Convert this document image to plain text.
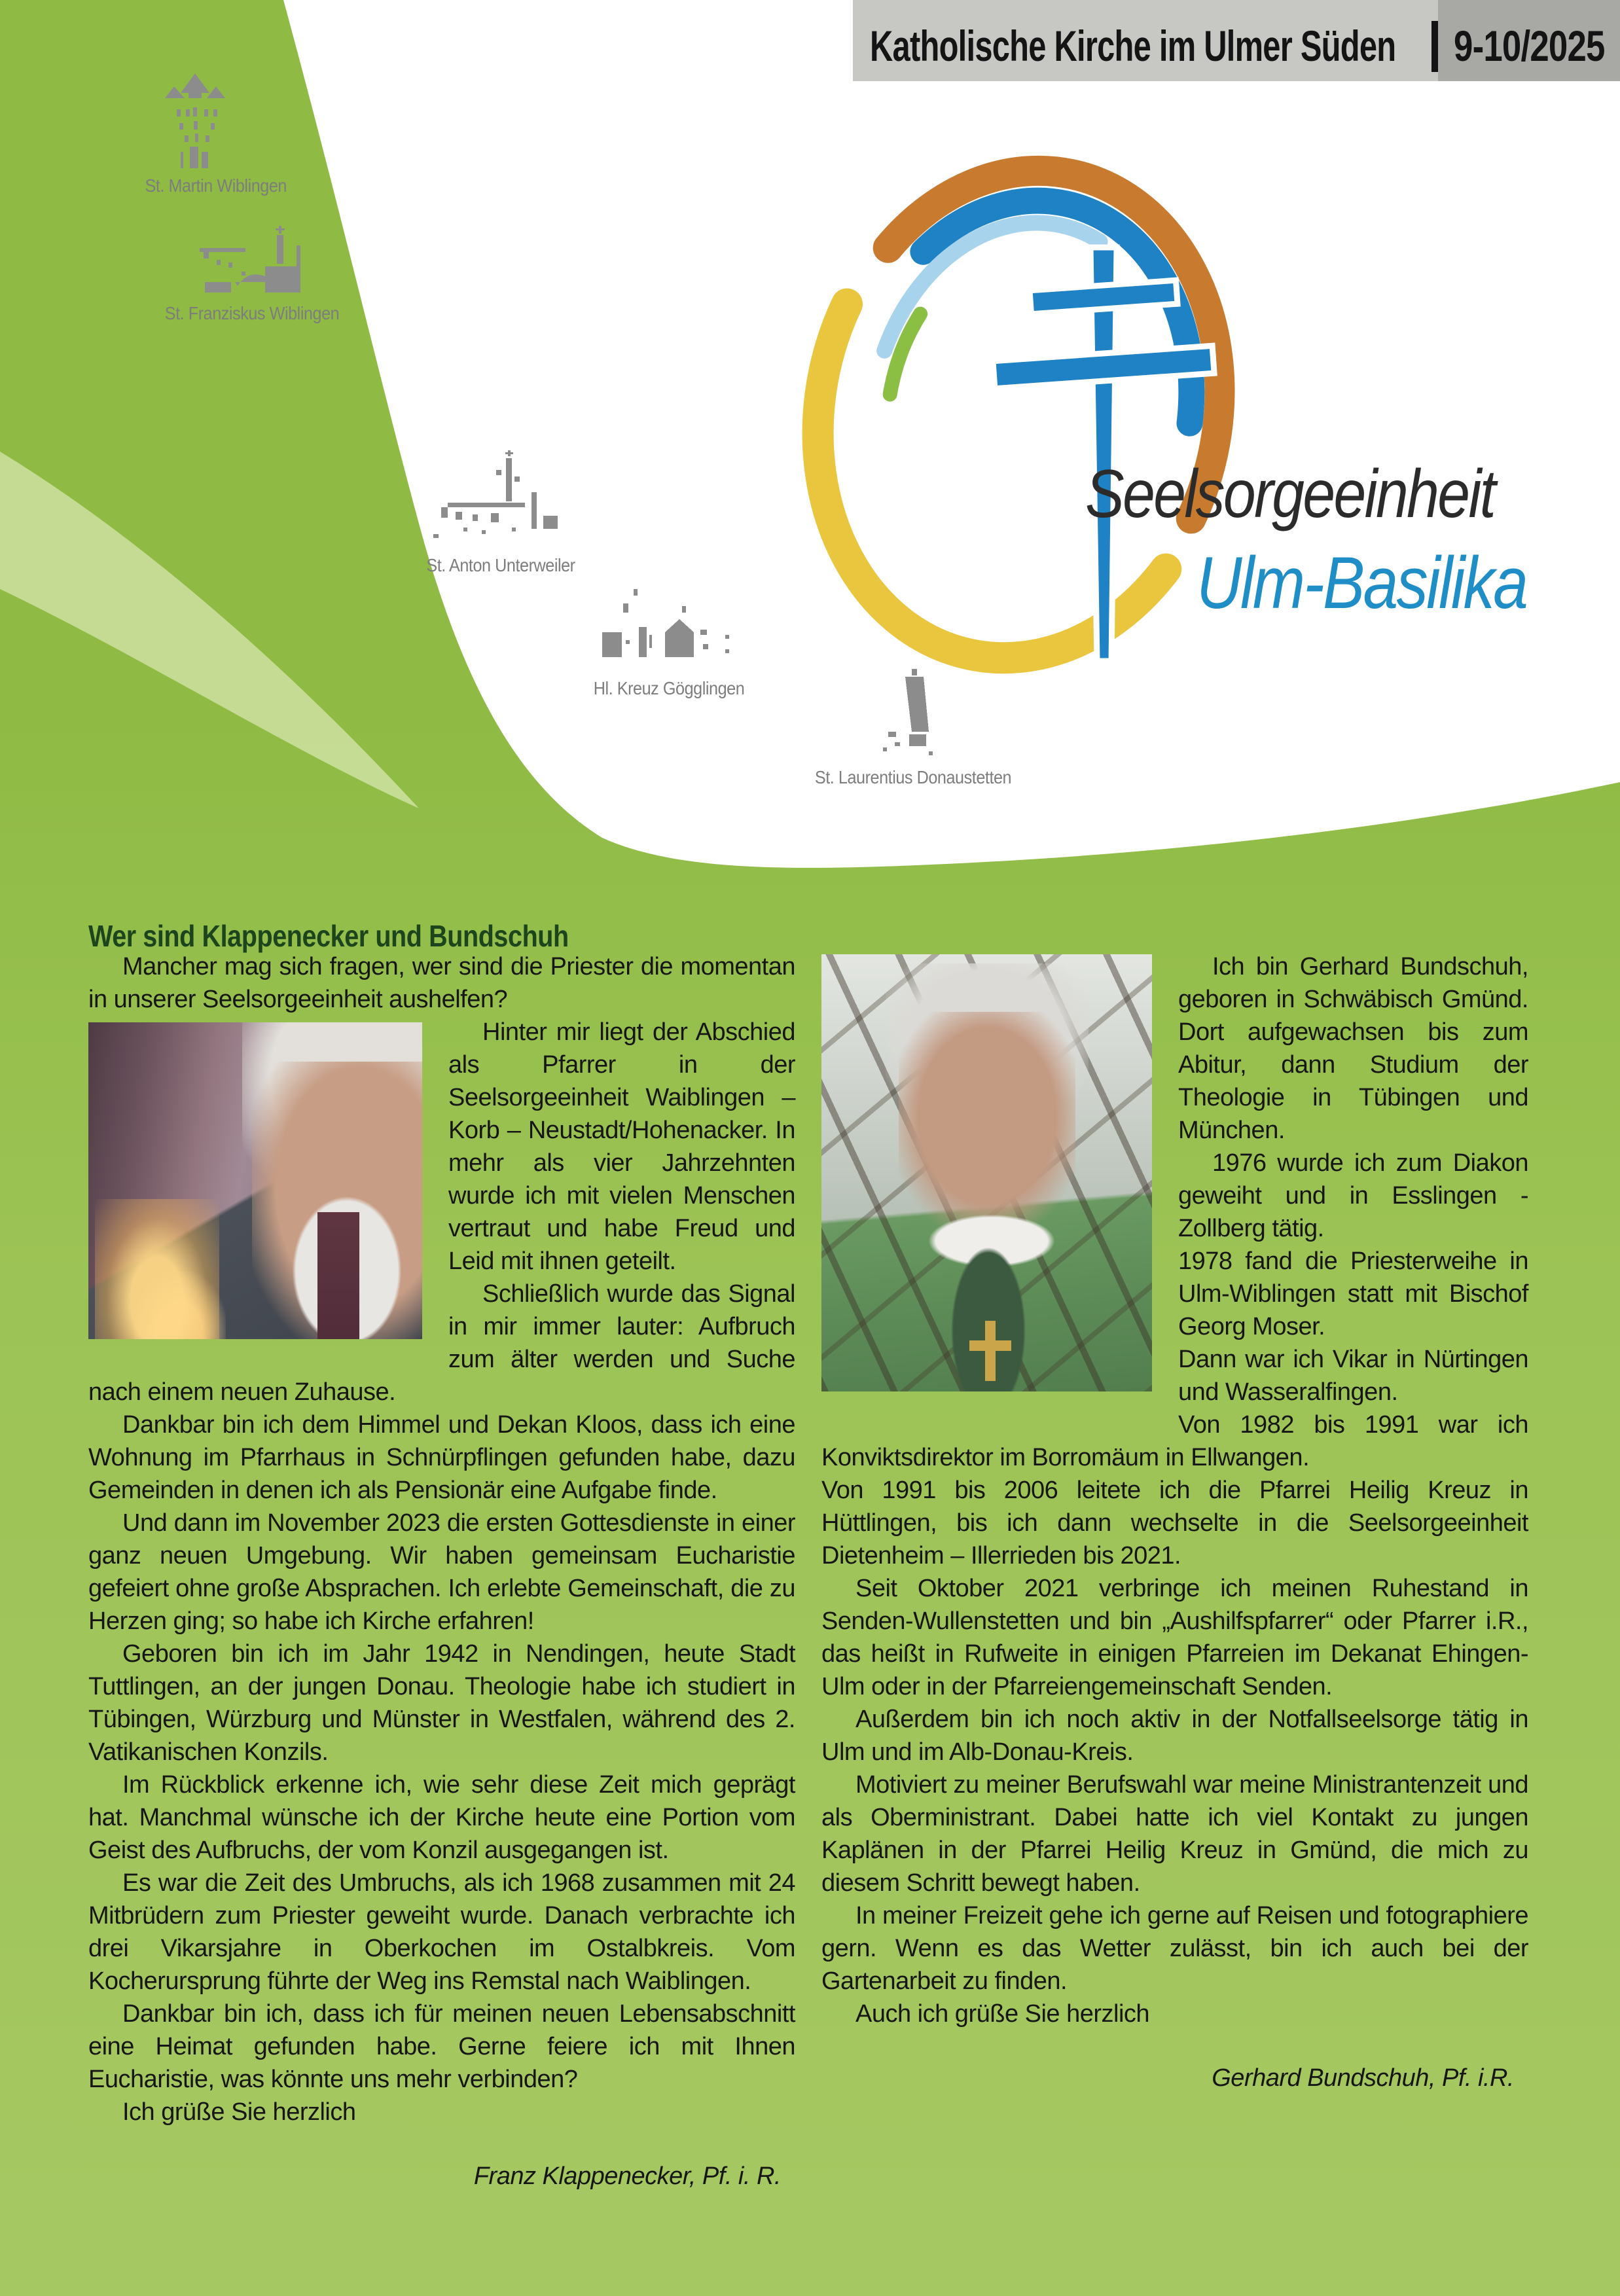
Katholische Kirche im Ulmer Süden 9-10/2025
St. Martin Wiblingen
St. Franziskus Wiblingen
St. Anton Unterweiler
Hl. Kreuz Gögglingen
St. Laurentius Donaustetten
Seelsorgeeinheit
Ulm-Basilika
Wer sind Klappenecker und Bundschuh

Mancher mag sich fragen, wer sind die Priester die momentan in unserer Seelsorgeeinheit aushelfen?

Hinter mir liegt der Abschied als Pfarrer in der Seelsorgeeinheit Waiblingen – Korb – Neustadt/Hohenacker. In mehr als vier Jahrzehnten wurde ich mit vielen Menschen vertraut und habe Freud und Leid mit ihnen geteilt.

Schließlich wurde das Signal in mir immer lauter: Aufbruch zum älter werden und Suche nach einem neuen Zuhause.

Dankbar bin ich dem Himmel und Dekan Kloos, dass ich eine Wohnung im Pfarrhaus in Schnürpflingen gefunden habe, dazu Gemeinden in denen ich als Pensionär eine Aufgabe finde.

Und dann im November 2023 die ersten Gottesdienste in einer ganz neuen Umgebung. Wir haben gemeinsam Eucharistie gefeiert ohne große Absprachen. Ich erlebte Gemeinschaft, die zu Herzen ging; so habe ich Kirche erfahren!

Geboren bin ich im Jahr 1942 in Nendingen, heute Stadt Tuttlingen, an der jungen Donau. Theologie habe ich studiert in Tübingen, Würzburg und Münster in Westfalen, während des 2. Vatikanischen Konzils.

Im Rückblick erkenne ich, wie sehr diese Zeit mich geprägt hat. Manchmal wünsche ich der Kirche heute eine Portion vom Geist des Aufbruchs, der vom Konzil ausgegangen ist.

Es war die Zeit des Umbruchs, als ich 1968 zusammen mit 24 Mitbrüdern zum Priester geweiht wurde. Danach verbrachte ich drei Vikarsjahre in Oberkochen im Ostalbkreis. Vom Kocherursprung führte der Weg ins Remstal nach Waiblingen.

Dankbar bin ich, dass ich für meinen neuen Lebensabschnitt eine Heimat gefunden habe. Gerne feiere ich mit Ihnen Eucharistie, was könnte uns mehr verbinden?

Ich grüße Sie herzlich

Franz Klappenecker, Pf. i. R.

Ich bin Gerhard Bundschuh, geboren in Schwäbisch Gmünd. Dort aufgewachsen bis zum Abitur, dann Studium der Theologie in Tübingen und München.

1976 wurde ich zum Diakon geweiht und in Esslingen - Zollberg tätig.

1978 fand die Priesterweihe in Ulm-Wiblingen statt mit Bischof Georg Moser.

Dann war ich Vikar in Nürtingen und Wasseralfingen.

Von 1982 bis 1991 war ich Konviktsdirektor im Borromäum in Ellwangen.

Von 1991 bis 2006 leitete ich die Pfarrei Heilig Kreuz in Hüttlingen, bis ich dann wechselte in die Seelsorgeeinheit Dietenheim – Illerrieden bis 2021.

Seit Oktober 2021 verbringe ich meinen Ruhestand in Senden-Wullenstetten und bin „Aushilfspfarrer“ oder Pfarrer i.R., das heißt in Rufweite in einigen Pfarreien im Dekanat Ehingen-Ulm oder in der Pfarreiengemeinschaft Senden.

Außerdem bin ich noch aktiv in der Notfallseelsorge tätig in Ulm und im Alb-Donau-Kreis.

Motiviert zu meiner Berufswahl war meine Ministrantenzeit und als Oberministrant. Dabei hatte ich viel Kontakt zu jungen Kaplänen in der Pfarrei Heilig Kreuz in Gmünd, die mich zu diesem Schritt bewegt haben.

In meiner Freizeit gehe ich gerne auf Reisen und fotographiere gern. Wenn es das Wetter zulässt, bin ich auch bei der Gartenarbeit zu finden.

Auch ich grüße Sie herzlich

Gerhard Bundschuh, Pf. i.R.
